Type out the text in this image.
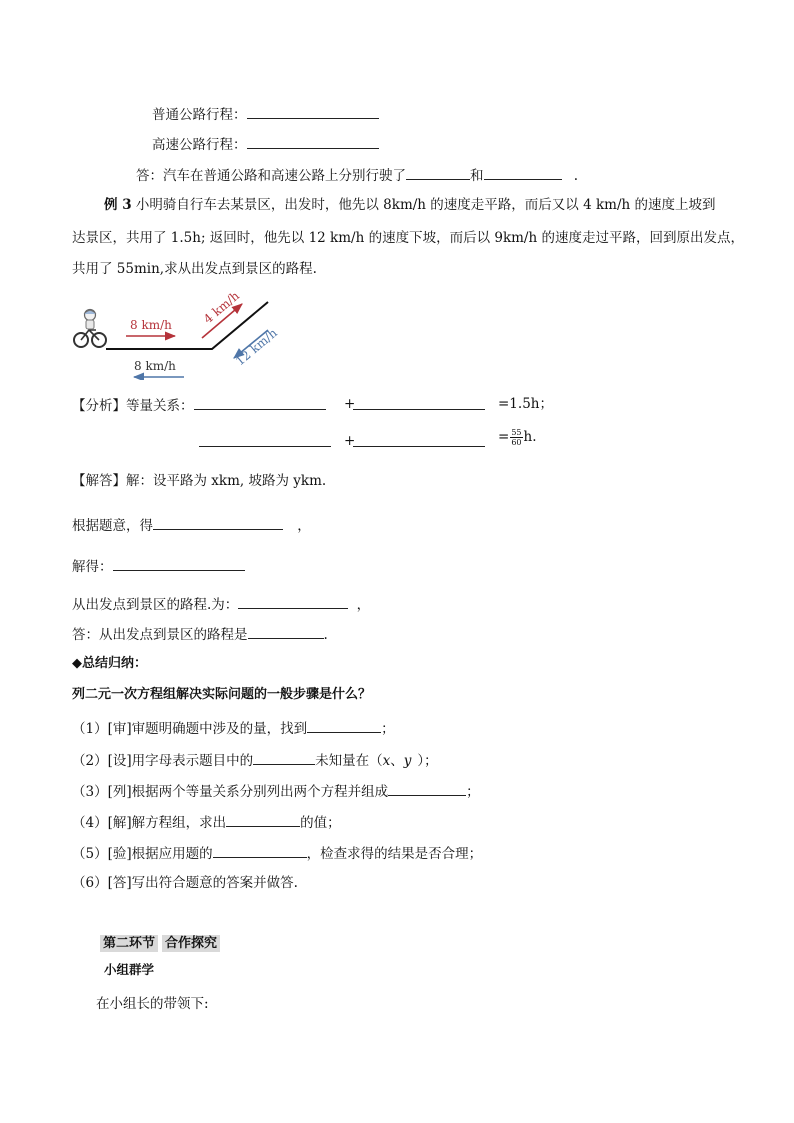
普通公路行程：
高速公路行程：
答：汽车在普通公路和高速公路上分别行驶了	和	.
例 3 小明骑自行车去某景区，出发时，他先以 8km/h 的速度走平路，而后又以 4 km/h 的速度上坡到
达景区，共用了 1.5h; 返回时，他先以 12 km/h 的速度下坡，而后以 9km/h 的速度走过平路，回到原出发点，
共用了 55min,求从出发点到景区的路程.
8 km/h 4 km/h
12 km/h
8 km/h
【分析】等量关系：	+	=1.5h；
+	= $\frac{55}{60} h$.
【解答】解：设平路为 xkm, 坡路为 ykm.
根据题意，得	，
解得：
从出发点到景区的路程.为：	，
答：从出发点到景区的路程是	.
◆总结归纳：
列二元一次方程组解决实际问题的一般步骤是什么？
（1）[审]审题明确题中涉及的量，找到	；
（2）[设]用字母表示题目中的	未知量在（x、y ）；
（3）[列]根据两个等量关系分别列出两个方程并组成	；
（4）[解]解方程组，求出	的值；
（5）[验]根据应用题的	，检查求得的结果是否合理；
（6）[答]写出符合题意的答案并做答.
第二环节 合作探究
小组群学
在小组长的带领下:
